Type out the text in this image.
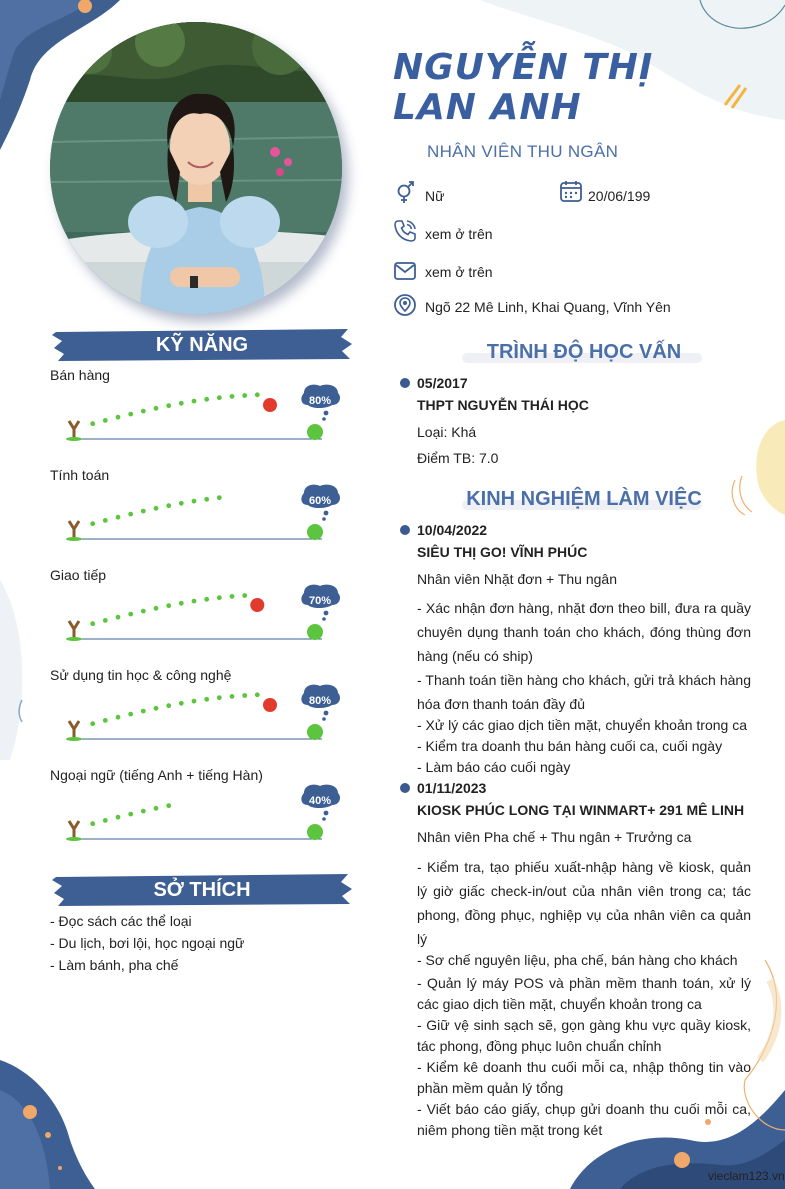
NGUYỄN THỊ
LAN ANH
NHÂN VIÊN THU NGÂN
Nữ	20/06/199
xem ở trên
xem ở trên
Ngõ 22 Mê Linh, Khai Quang, Vĩnh Yên
KỸ NĂNG
Bán hàng
80%
Tính toán
60%
Giao tiếp
70%
Sử dụng tin học & công nghệ
80%
Ngoại ngữ (tiếng Anh + tiếng Hàn)
40%
SỞ THÍCH
- Đọc sách các thể loại
- Du lịch, bơi lội, học ngoại ngữ
- Làm bánh, pha chế
TRÌNH ĐỘ HỌC VẤN
05/2017
THPT NGUYỄN THÁI HỌC
Loại: Khá
Điểm TB: 7.0
KINH NGHIỆM LÀM VIỆC
10/04/2022
SIÊU THỊ GO! VĨNH PHÚC
Nhân viên Nhặt đơn + Thu ngân
- Xác nhận đơn hàng, nhặt đơn theo bill, đưa ra quầy chuyên dụng thanh toán cho khách, đóng thùng đơn hàng (nếu có ship)
- Thanh toán tiền hàng cho khách, gửi trả khách hàng hóa đơn thanh toán đầy đủ
- Xử lý các giao dịch tiền mặt, chuyển khoản trong ca
- Kiểm tra doanh thu bán hàng cuối ca, cuối ngày
- Làm báo cáo cuối ngày
01/11/2023
KIOSK PHÚC LONG TẠI WINMART+ 291 MÊ LINH
Nhân viên Pha chế + Thu ngân + Trưởng ca
- Kiểm tra, tạo phiếu xuất-nhập hàng về kiosk, quản lý giờ giấc check-in/out của nhân viên trong ca; tác phong, đồng phục, nghiệp vụ của nhân viên ca quản lý
- Sơ chế nguyên liệu, pha chế, bán hàng cho khách
- Quản lý máy POS và phần mềm thanh toán, xử lý các giao dịch tiền mặt, chuyển khoản trong ca
- Giữ vệ sinh sạch sẽ, gọn gàng khu vực quầy kiosk, tác phong, đồng phục luôn chuẩn chỉnh
- Kiểm kê doanh thu cuối mỗi ca, nhập thông tin vào phần mềm quản lý tổng
- Viết báo cáo giấy, chụp gửi doanh thu cuối mỗi ca, niêm phong tiền mặt trong két
vieclam123.vn
